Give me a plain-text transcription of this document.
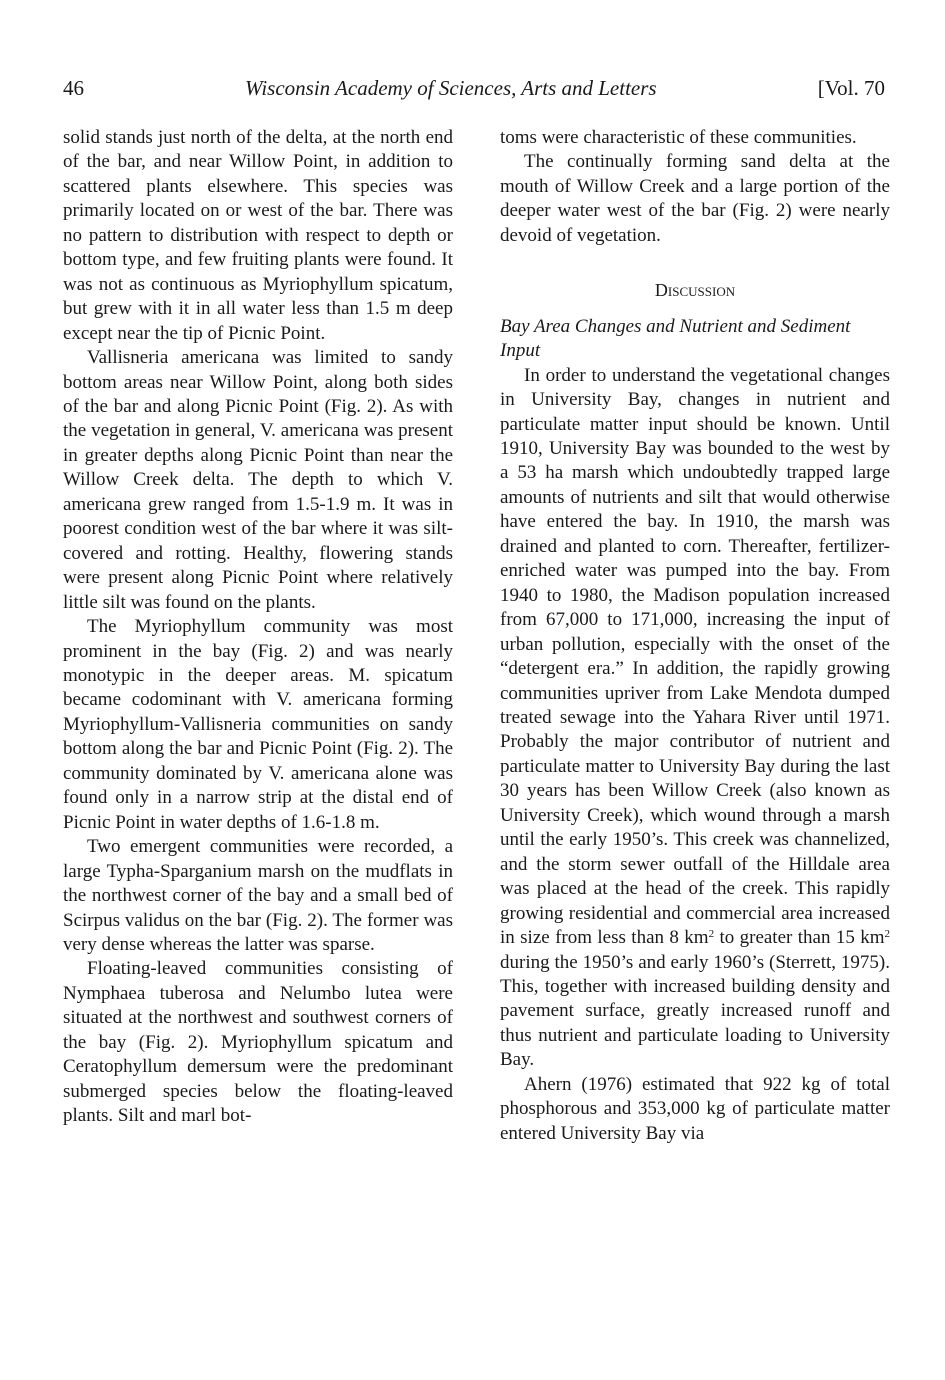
46	Wisconsin Academy of Sciences, Arts and Letters	[Vol. 70

solid stands just north of the delta, at the north end of the bar, and near Willow Point, in addition to scattered plants elsewhere. This species was primarily located on or west of the bar. There was no pattern to distribution with respect to depth or bottom type, and few fruiting plants were found. It was not as continuous as Myriophyllum spicatum, but grew with it in all water less than 1.5 m deep except near the tip of Picnic Point.

Vallisneria americana was limited to sandy bottom areas near Willow Point, along both sides of the bar and along Picnic Point (Fig. 2). As with the vegetation in general, V. americana was present in greater depths along Picnic Point than near the Willow Creek delta. The depth to which V. americana grew ranged from 1.5-1.9 m. It was in poorest condition west of the bar where it was silt-covered and rotting. Healthy, flowering stands were present along Picnic Point where relatively little silt was found on the plants.

The Myriophyllum community was most prominent in the bay (Fig. 2) and was nearly monotypic in the deeper areas. M. spicatum became codominant with V. americana forming Myriophyllum-Vallisneria communities on sandy bottom along the bar and Picnic Point (Fig. 2). The community dominated by V. americana alone was found only in a narrow strip at the distal end of Picnic Point in water depths of 1.6-1.8 m.

Two emergent communities were recorded, a large Typha-Sparganium marsh on the mudflats in the northwest corner of the bay and a small bed of Scirpus validus on the bar (Fig. 2). The former was very dense whereas the latter was sparse.

Floating-leaved communities consisting of Nymphaea tuberosa and Nelumbo lutea were situated at the northwest and southwest corners of the bay (Fig. 2). Myriophyllum spicatum and Ceratophyllum demersum were the predominant submerged species below the floating-leaved plants. Silt and marl bot-

toms were characteristic of these communities.

The continually forming sand delta at the mouth of Willow Creek and a large portion of the deeper water west of the bar (Fig. 2) were nearly devoid of vegetation.

Discussion

Bay Area Changes and Nutrient and Sediment Input

In order to understand the vegetational changes in University Bay, changes in nutrient and particulate matter input should be known. Until 1910, University Bay was bounded to the west by a 53 ha marsh which undoubtedly trapped large amounts of nutrients and silt that would otherwise have entered the bay. In 1910, the marsh was drained and planted to corn. Thereafter, fertilizer-enriched water was pumped into the bay. From 1940 to 1980, the Madison population increased from 67,000 to 171,000, increasing the input of urban pollution, especially with the onset of the “detergent era.” In addition, the rapidly growing communities upriver from Lake Mendota dumped treated sewage into the Yahara River until 1971. Probably the major contributor of nutrient and particulate matter to University Bay during the last 30 years has been Willow Creek (also known as University Creek), which wound through a marsh until the early 1950’s. This creek was channelized, and the storm sewer outfall of the Hilldale area was placed at the head of the creek. This rapidly growing residential and commercial area increased in size from less than 8 $km^2$ to greater than 15 $km^2$ during the 1950’s and early 1960’s (Sterrett, 1975). This, together with increased building density and pavement surface, greatly increased runoff and thus nutrient and particulate loading to University Bay.

Ahern (1976) estimated that 922 kg of total phosphorous and 353,000 kg of particulate matter entered University Bay via
